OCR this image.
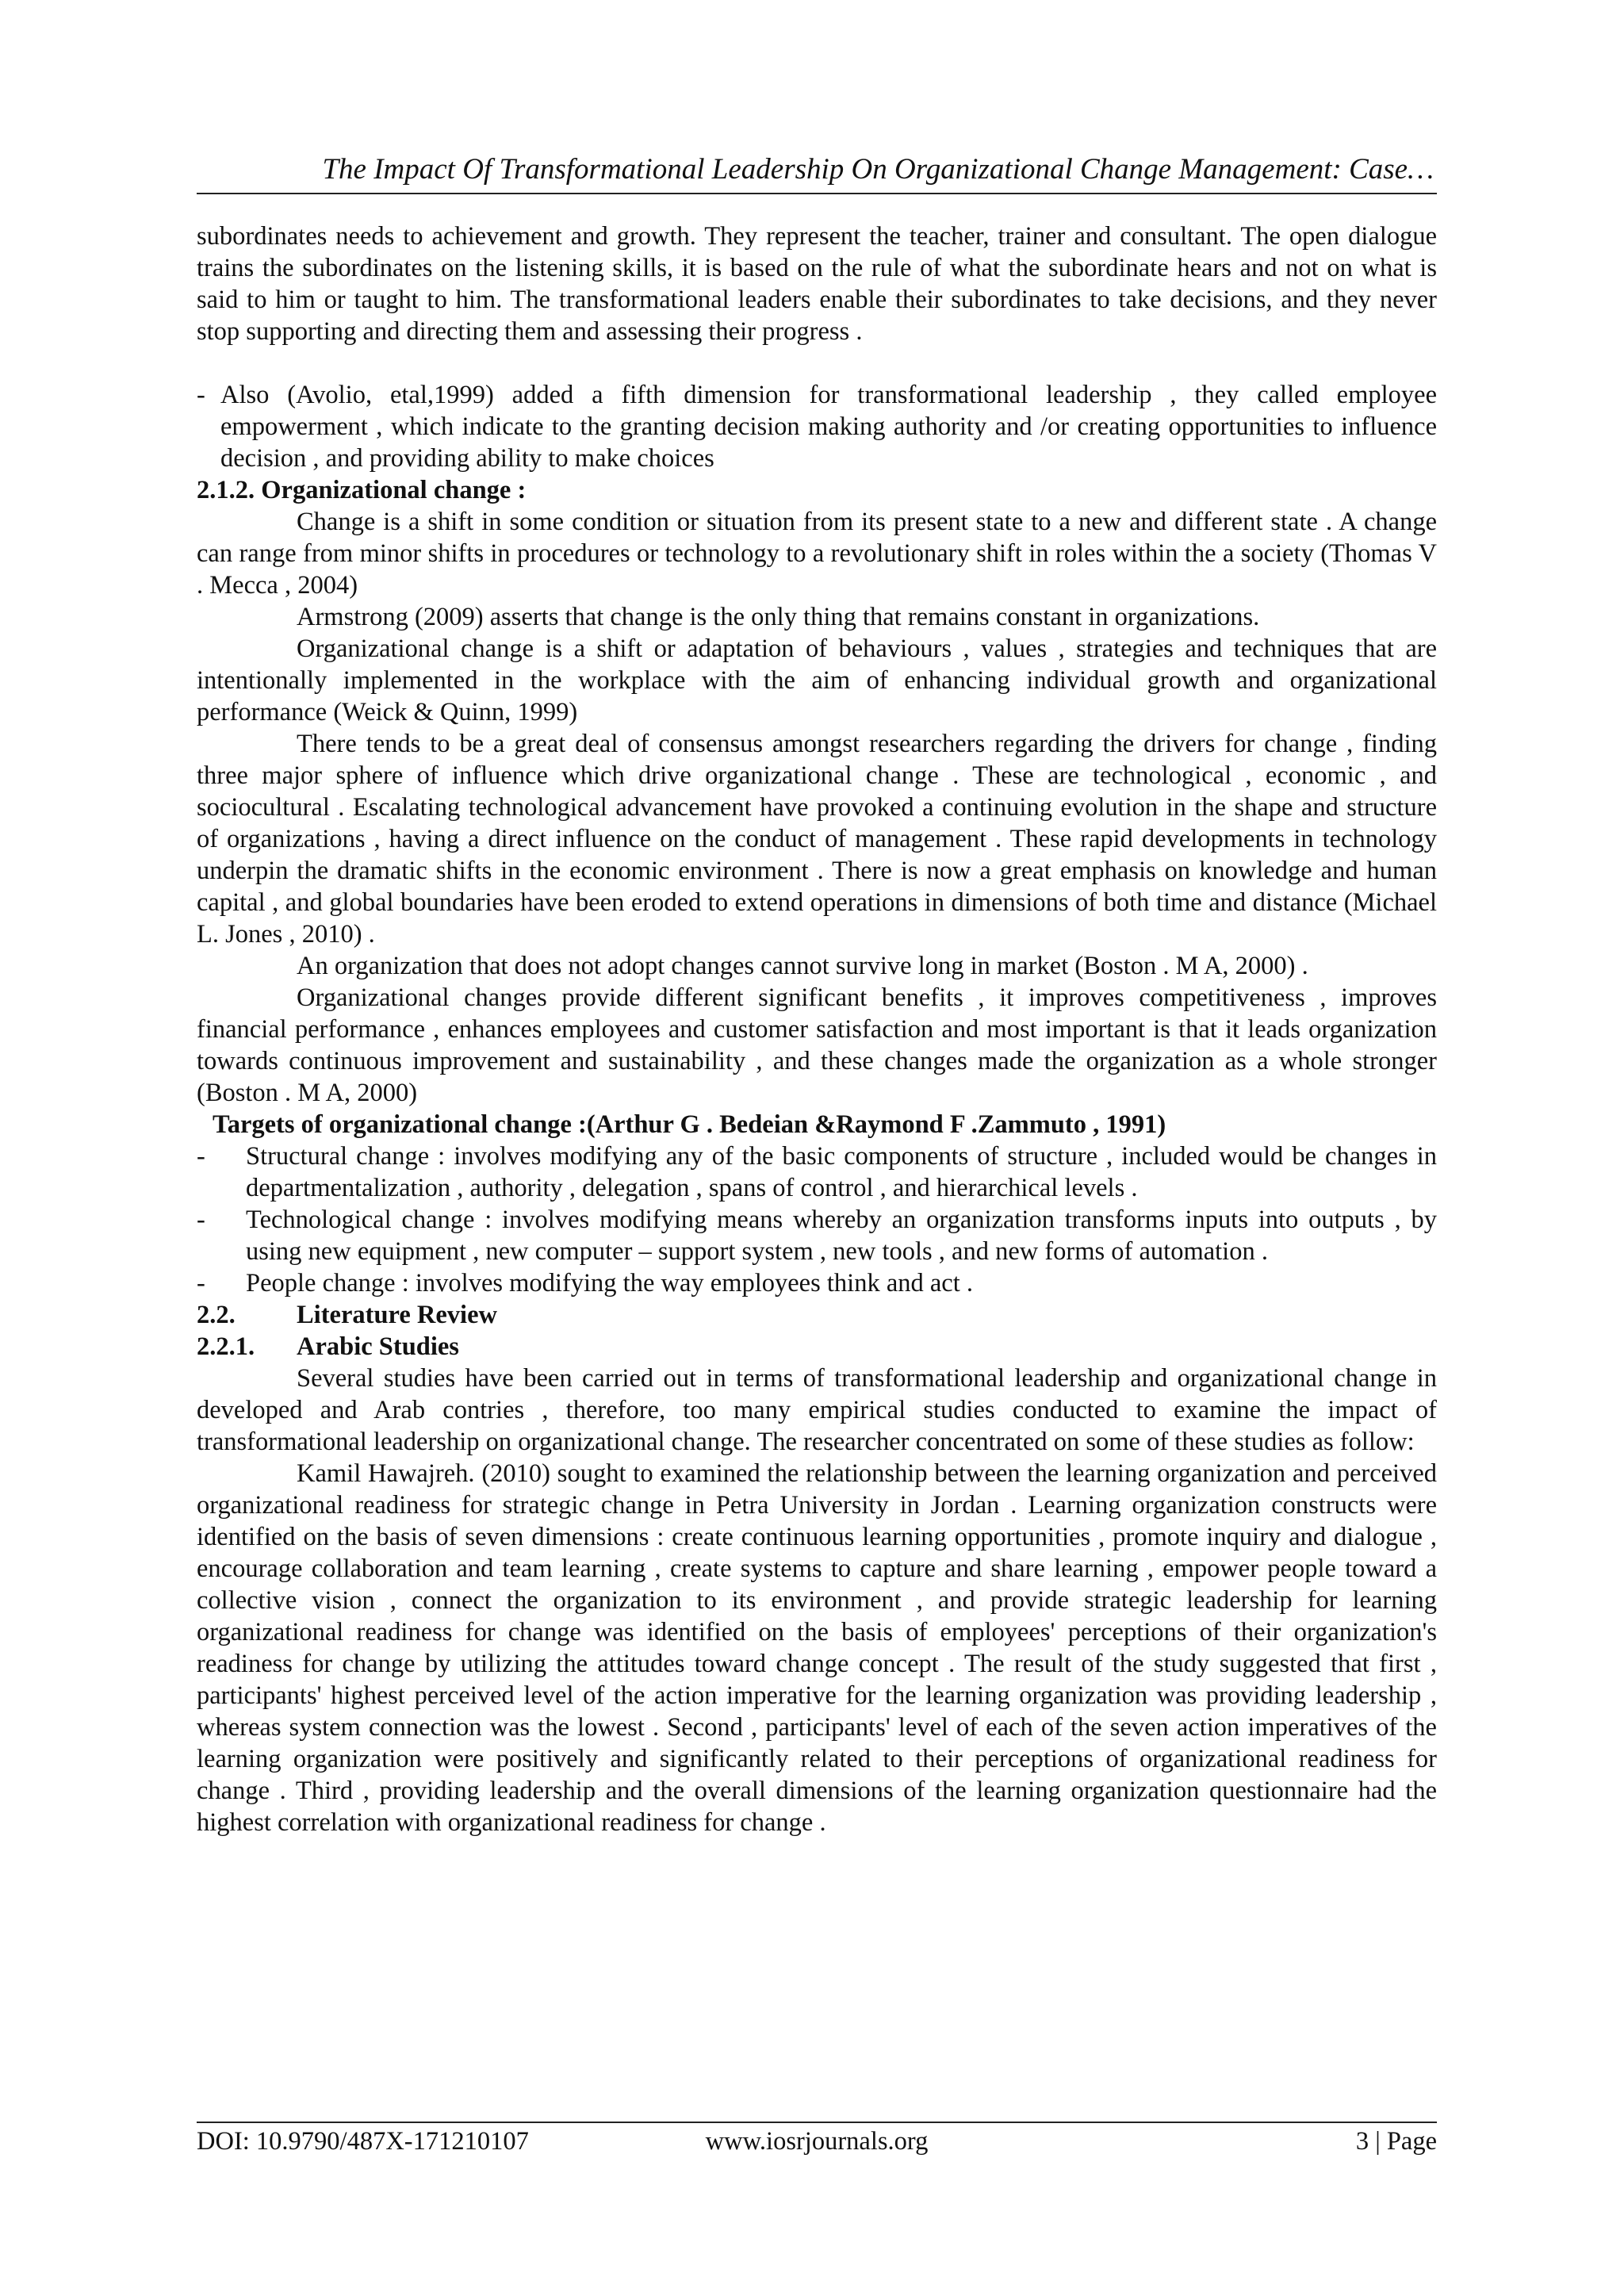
The Impact Of Transformational Leadership On Organizational Change Management: Case…

subordinates needs to achievement and growth. They represent the teacher, trainer and consultant. The open dialogue trains the subordinates on the listening skills, it is based on the rule of what the subordinate hears and not on what is said to him or taught to him. The transformational leaders enable their subordinates to take decisions, and they never stop supporting and directing them and assessing their progress .

- Also (Avolio, etal,1999) added a fifth dimension for transformational leadership , they called employee empowerment , which indicate to the granting decision making authority and /or creating opportunities to influence decision , and providing ability to make choices

2.1.2. Organizational change :

Change is a shift in some condition or situation from its present state to a new and different state . A change can range from minor shifts in procedures or technology to a revolutionary shift in roles within the a society (Thomas V . Mecca , 2004)

Armstrong (2009) asserts that change is the only thing that remains constant in organizations.

Organizational change is a shift or adaptation of behaviours , values , strategies and techniques that are intentionally implemented in the workplace with the aim of enhancing individual growth and organizational performance (Weick & Quinn, 1999)

There tends to be a great deal of consensus amongst researchers regarding the drivers for change , finding three major sphere of influence which drive organizational change . These are technological , economic , and sociocultural . Escalating technological advancement have provoked a continuing evolution in the shape and structure of organizations , having a direct influence on the conduct of management . These rapid developments in technology underpin the dramatic shifts in the economic environment . There is now a great emphasis on knowledge and human capital , and global boundaries have been eroded to extend operations in dimensions of both time and distance (Michael L. Jones , 2010) .

An organization that does not adopt changes cannot survive long in market (Boston . M A, 2000) .

Organizational changes provide different significant benefits , it improves competitiveness , improves financial performance , enhances employees and customer satisfaction and most important is that it leads organization towards continuous improvement and sustainability , and these changes made the organization as a whole stronger (Boston . M A, 2000)

Targets of organizational change :(Arthur G . Bedeian &Raymond F .Zammuto , 1991)

- Structural change : involves modifying any of the basic components of structure , included would be changes in departmentalization , authority , delegation , spans of control , and hierarchical levels .
- Technological change : involves modifying means whereby an organization transforms inputs into outputs , by using new equipment , new computer – support system , new tools , and new forms of automation .
- People change : involves modifying the way employees think and act .
2.2.	Literature Review
2.2.1.	Arabic Studies

Several studies have been carried out in terms of transformational leadership and organizational change in developed and Arab contries , therefore, too many empirical studies conducted to examine the impact of transformational leadership on organizational change. The researcher concentrated on some of these studies as follow:

Kamil Hawajreh. (2010) sought to examined the relationship between the learning organization and perceived organizational readiness for strategic change in Petra University in Jordan . Learning organization constructs were identified on the basis of seven dimensions : create continuous learning opportunities , promote inquiry and dialogue , encourage collaboration and team learning , create systems to capture and share learning , empower people toward a collective vision , connect the organization to its environment , and provide strategic leadership for learning organizational readiness for change was identified on the basis of employees' perceptions of their organization's readiness for change by utilizing the attitudes toward change concept . The result of the study suggested that first , participants' highest perceived level of the action imperative for the learning organization was providing leadership , whereas system connection was the lowest . Second , participants' level of each of the seven action imperatives of the learning organization were positively and significantly related to their perceptions of organizational readiness for change . Third , providing leadership and the overall dimensions of the learning organization questionnaire had the highest correlation with organizational readiness for change .

DOI: 10.9790/487X-171210107	www.iosrjournals.org	3 | Page
